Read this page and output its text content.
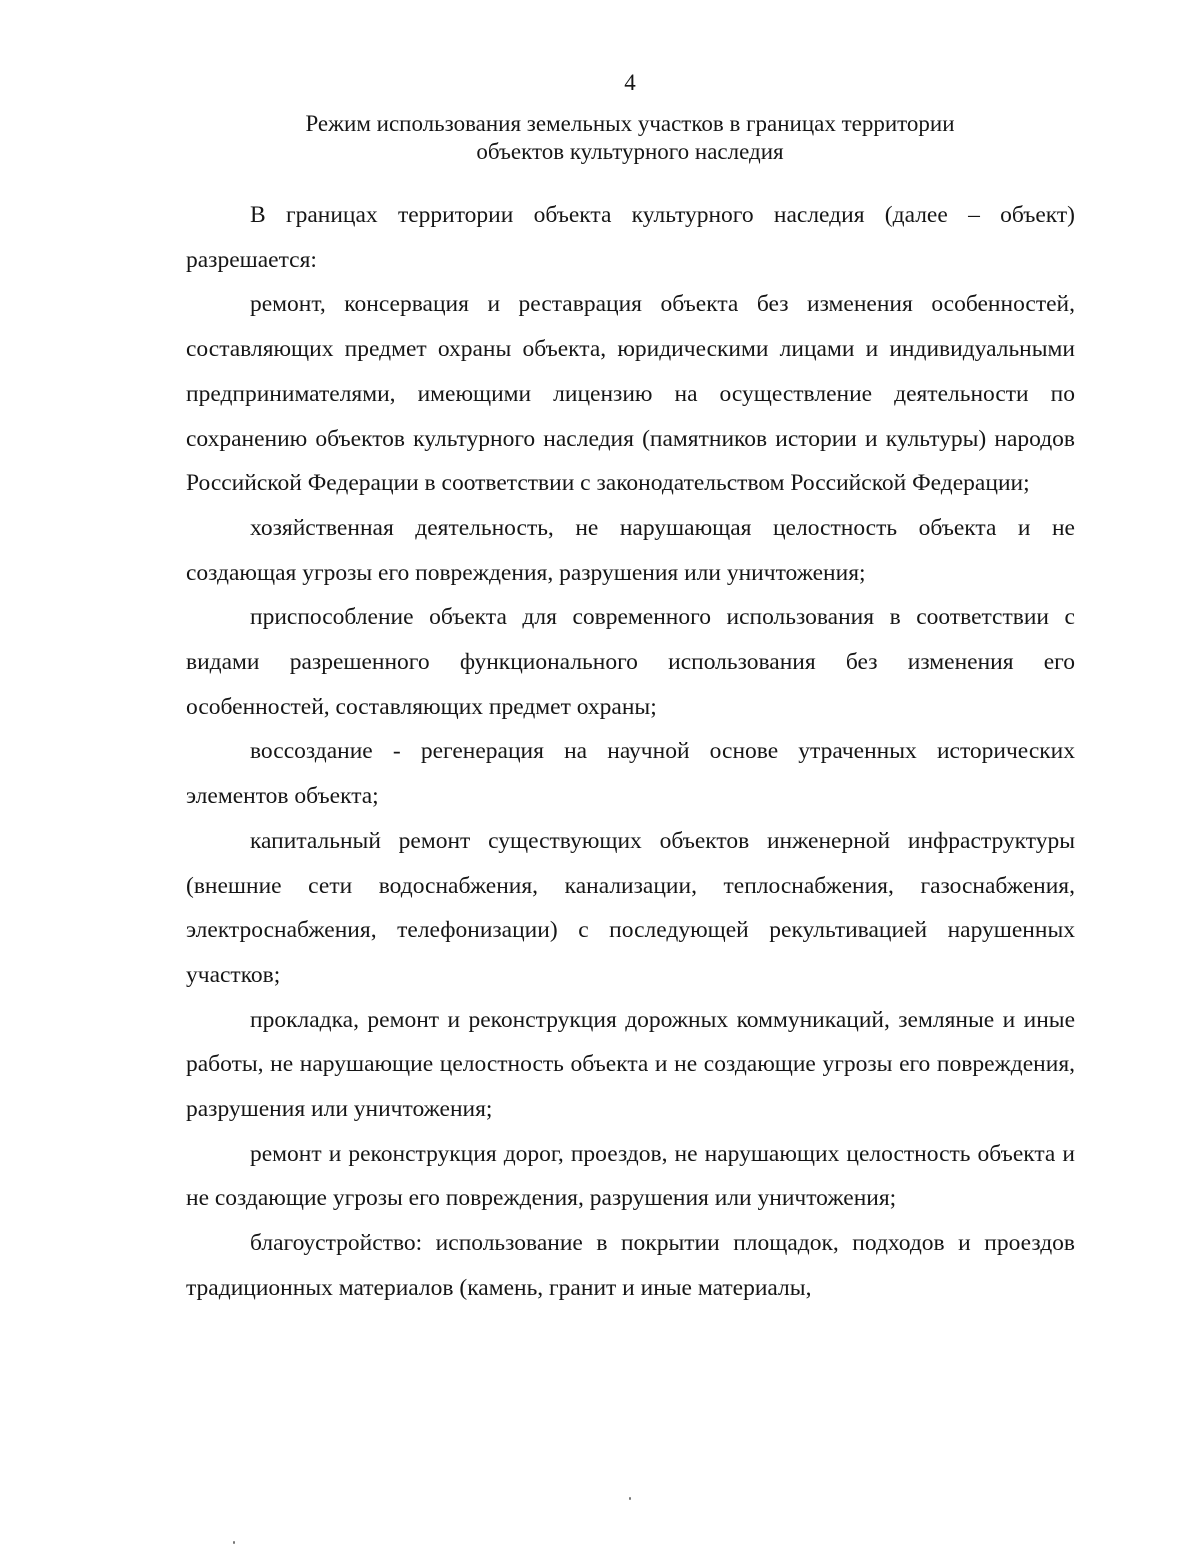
4
Режим использования земельных участков в границах территории
объектов культурного наследия

В границах территории объекта культурного наследия (далее – объект) разрешается:

ремонт, консервация и реставрация объекта без изменения особенностей, составляющих предмет охраны объекта, юридическими лицами и индивидуальными предпринимателями, имеющими лицензию на осуществление деятельности по сохранению объектов культурного наследия (памятников истории и культуры) народов Российской Федерации в соответствии с законодательством Российской Федерации;

хозяйственная деятельность, не нарушающая целостность объекта и не создающая угрозы его повреждения, разрушения или уничтожения;

приспособление объекта для современного использования в соответствии с видами разрешенного функционального использования без изменения его особенностей, составляющих предмет охраны;

воссоздание - регенерация на научной основе утраченных исторических элементов объекта;

капитальный ремонт существующих объектов инженерной инфраструктуры (внешние сети водоснабжения, канализации, теплоснабжения, газоснабжения, электроснабжения, телефонизации) с последующей рекультивацией нарушенных участков;

прокладка, ремонт и реконструкция дорожных коммуникаций, земляные и иные работы, не нарушающие целостность объекта и не создающие угрозы его повреждения, разрушения или уничтожения;

ремонт и реконструкция дорог, проездов, не нарушающих целостность объекта и не создающие угрозы его повреждения, разрушения или уничтожения;

благоустройство: использование в покрытии площадок, подходов и проездов традиционных материалов (камень, гранит и иные материалы,
